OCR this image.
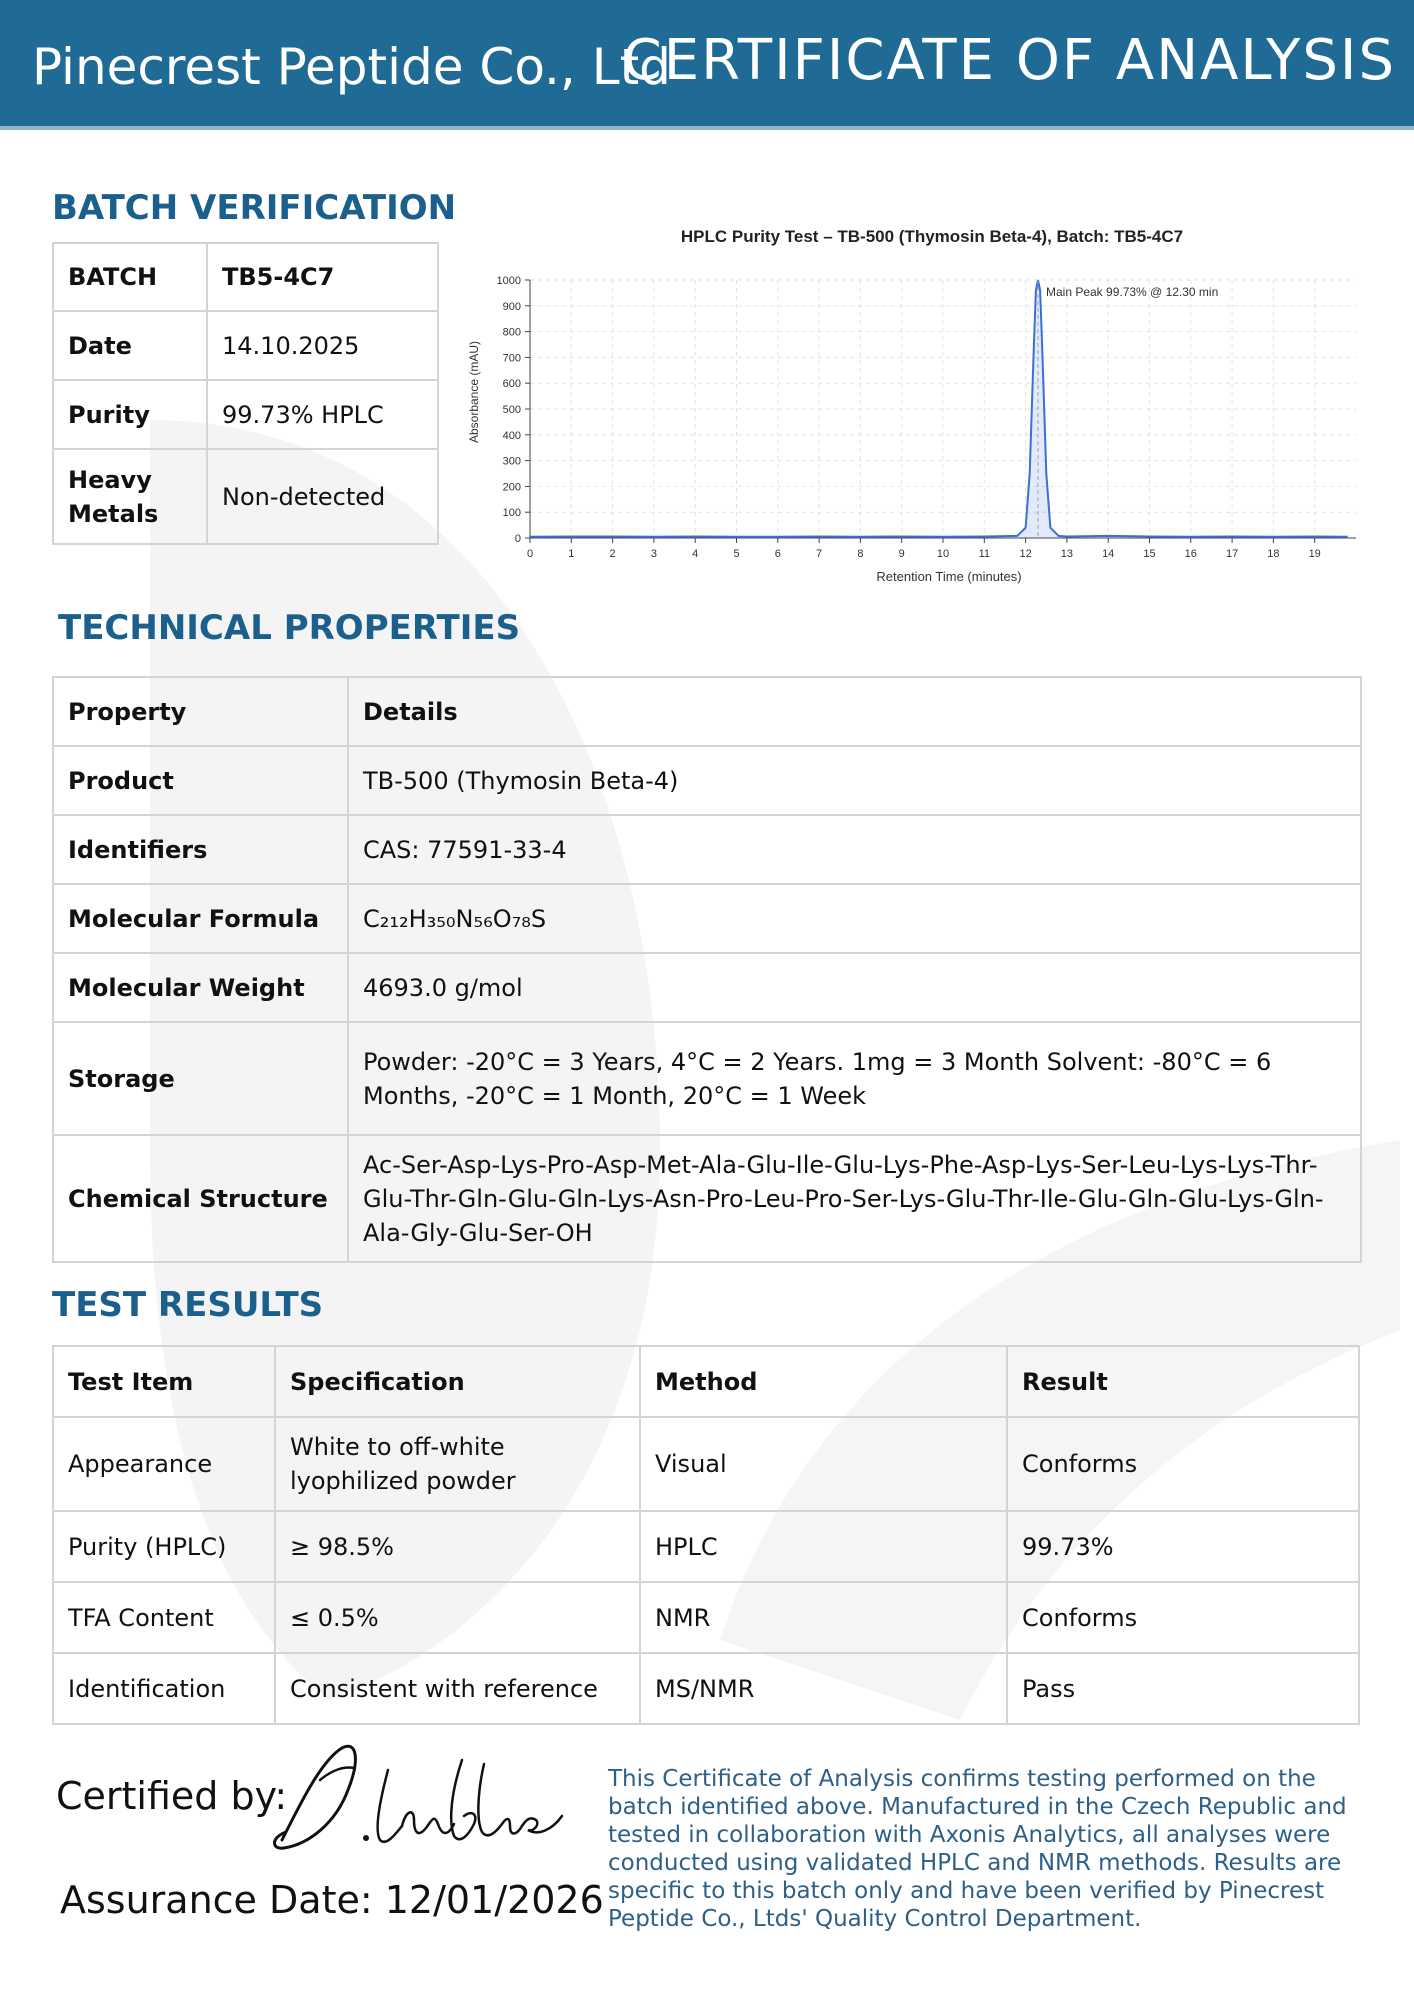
Pinecrest Peptide Co., Ltd
CERTIFICATE OF ANALYSIS
BATCH VERIFICATION
BATCH	TB5-4C7
Date	14.10.2025
Purity	99.73% HPLC
Heavy Metals	Non-detected
HPLC Purity Test – TB-500 (Thymosin Beta-4), Batch: TB5-4C7
0	1	2	3	4	5	6	7	8	9	10	11	12	13	14	15	16	17	18	19
0
100
200
300
400
500
600
700
800
900
1000
Main Peak 99.73% @ 12.30 min
Retention Time (minutes)
Absorbance (mAU)
TECHNICAL PROPERTIES
Property	Details
Product	TB-500 (Thymosin Beta-4)
Identifiers	CAS: 77591-33-4
Molecular Formula	C₂₁₂H₃₅₀N₅₆O₇₈S
Molecular Weight	4693.0 g/mol
Storage	Powder: -20°C = 3 Years, 4°C = 2 Years. 1mg = 3 Month Solvent: -80°C = 6 Months, -20°C = 1 Month, 20°C = 1 Week
Chemical Structure	Ac-Ser-Asp-Lys-Pro-Asp-Met-Ala-Glu-Ile-Glu-Lys-Phe-Asp-Lys-Ser-Leu-Lys-Lys-Thr-Glu-Thr-Gln-Glu-Gln-Lys-Asn-Pro-Leu-Pro-Ser-Lys-Glu-Thr-Ile-Glu-Gln-Glu-Lys-Gln-Ala-Gly-Glu-Ser-OH
TEST RESULTS
Test Item	Specification	Method	Result
Appearance	White to off-white lyophilized powder	Visual	Conforms
Purity (HPLC)	≥ 98.5%	HPLC	99.73%
TFA Content	≤ 0.5%	NMR	Conforms
Identification	Consistent with reference	MS/NMR	Pass
Certified by:
Assurance Date: 12/01/2026
This Certificate of Analysis confirms testing performed on the batch identified above. Manufactured in the Czech Republic and tested in collaboration with Axonis Analytics, all analyses were conducted using validated HPLC and NMR methods. Results are specific to this batch only and have been verified by Pinecrest Peptide Co., Ltds' Quality Control Department.
